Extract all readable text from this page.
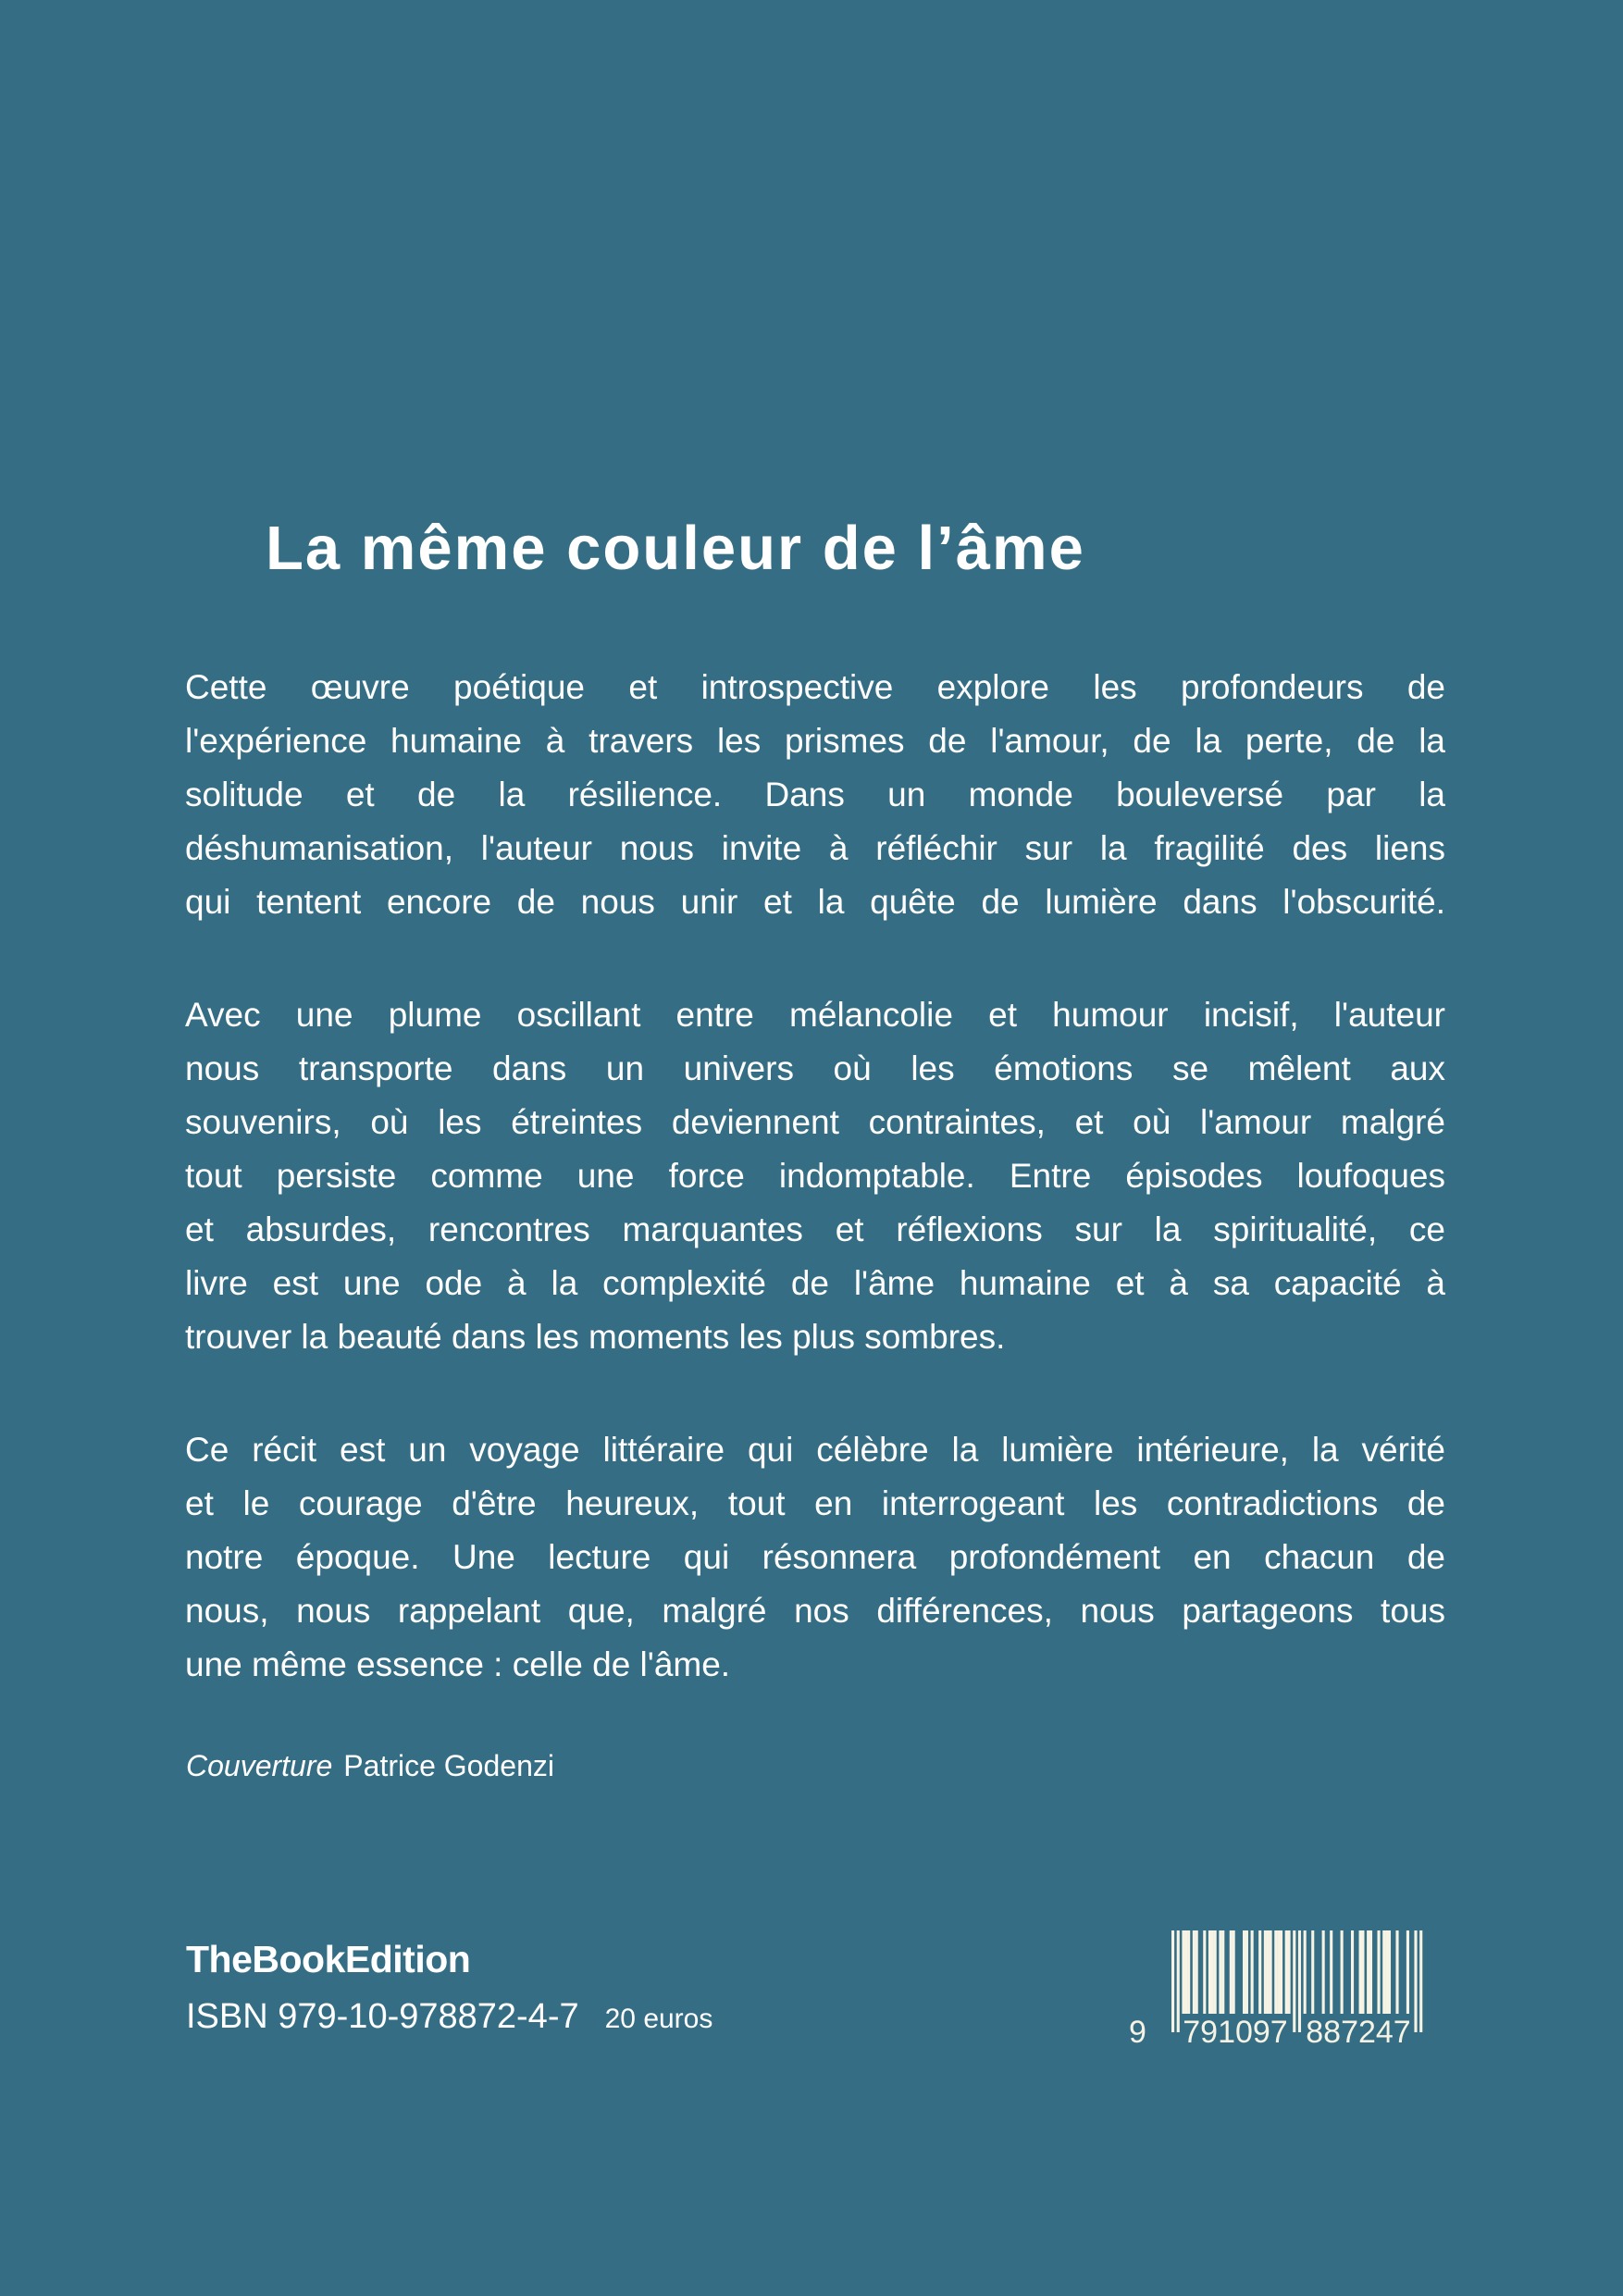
La même couleur de l’âme
Cette œuvre poétique et introspective explore les profondeurs de
l'expérience humaine à travers les prismes de l'amour, de la perte, de la
solitude et de la résilience. Dans un monde bouleversé par la
déshumanisation, l'auteur nous invite à réfléchir sur la fragilité des liens
qui tentent encore de nous unir et la quête de lumière dans l'obscurité.
Avec une plume oscillant entre mélancolie et humour incisif, l'auteur
nous transporte dans un univers où les émotions se mêlent aux
souvenirs, où les étreintes deviennent contraintes, et où l'amour malgré
tout persiste comme une force indomptable. Entre épisodes loufoques
et absurdes, rencontres marquantes et réflexions sur la spiritualité, ce
livre est une ode à la complexité de l'âme humaine et à sa capacité à
trouver la beauté dans les moments les plus sombres.
Ce récit est un voyage littéraire qui célèbre la lumière intérieure, la vérité
et le courage d'être heureux, tout en interrogeant les contradictions de
notre époque. Une lecture qui résonnera profondément en chacun de
nous, nous rappelant que, malgré nos différences, nous partageons tous
une même essence : celle de l'âme.
Couverture Patrice Godenzi
TheBookEdition
ISBN 979-10-978872-4-7 20 euros	9 791097 887247
